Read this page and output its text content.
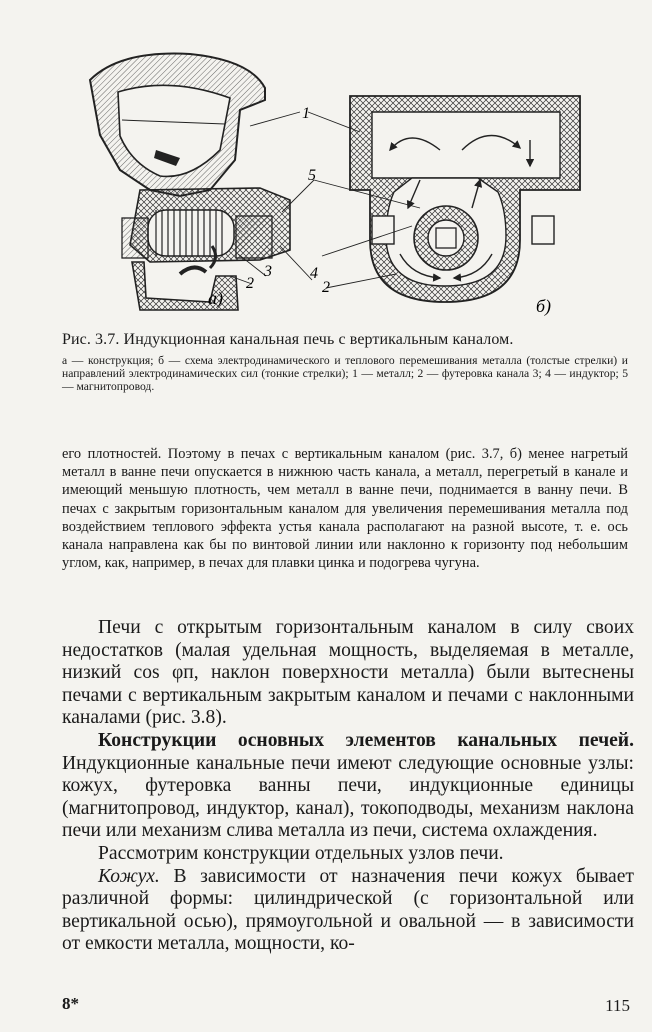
1
5
3 4
2	2
а)	б)
Рис. 3.7. Индукционная канальная печь с вертикальным каналом.

а — конструкция; б — схема электродинамического и теплового перемешивания металла (толстые стрелки) и направлений электродинамических сил (тонкие стрелки); 1 — металл; 2 — футеровка канала 3; 4 — индуктор; 5 — магнитопровод.

его плотностей. Поэтому в печах с вертикальным каналом (рис. 3.7, б) менее нагретый металл в ванне печи опускается в нижнюю часть канала, а металл, перегретый в канале и имеющий меньшую плотность, чем металл в ванне печи, поднимается в ванну печи. В печах с закрытым горизонтальным каналом для увеличения перемешивания металла под воздействием теплового эффекта устья канала располагают на разной высоте, т. е. ось канала направлена как бы по винтовой линии или наклонно к горизонту под небольшим углом, как, например, в печах для плавки цинка и подогрева чугуна.

Печи с открытым горизонтальным каналом в силу своих недостатков (малая удельная мощность, выделяемая в металле, низкий cos φп, наклон поверхности металла) были вытеснены печами с вертикальным закрытым каналом и печами с наклонными каналами (рис. 3.8).

Конструкции основных элементов канальных печей. Индукционные канальные печи имеют следующие основные узлы: кожух, футеровка ванны печи, индукционные единицы (магнитопровод, индуктор, канал), токоподводы, механизм наклона печи или механизм слива металла из печи, система охлаждения.

Рассмотрим конструкции отдельных узлов печи.

Кожух. В зависимости от назначения печи кожух бывает различной формы: цилиндрической (с горизонтальной или вертикальной осью), прямоугольной и овальной — в зависимости от емкости металла, мощности, ко-

8*	115
